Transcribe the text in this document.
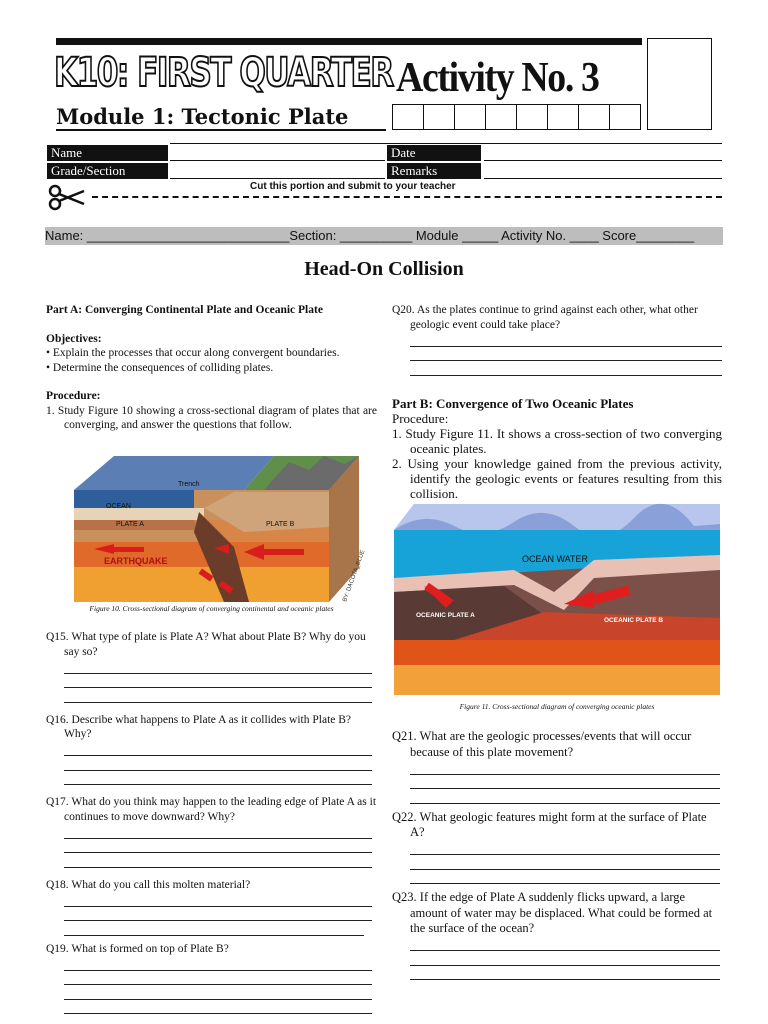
K10: FIRST QUARTER Activity No. 3
Module 1: Tectonic Plate
Name	Date
Grade/Section	Remarks
Cut this portion and submit to your teacher
Name: ____________________________Section: __________ Module _____ Activity No. ____ Score________
Head-On Collision
Part A: Converging Continental Plate and Oceanic Plate
Objectives:
• Explain the processes that occur along convergent boundaries.
• Determine the consequences of colliding plates.
Procedure:
1. Study Figure 10 showing a cross-sectional diagram of plates that are converging, and answer the questions that follow.
Trench
OCEAN
PLATE A	PLATE B
EARTHQUAKE	BY: DACOTA_BLUE
Figure 10. Cross-sectional diagram of converging continental and oceanic plates
Q15. What type of plate is Plate A? What about Plate B? Why do you say so?
Q16. Describe what happens to Plate A as it collides with Plate B? Why?
Q17. What do you think may happen to the leading edge of Plate A as it continues to move downward? Why?
Q18. What do you call this molten material?
Q19. What is formed on top of Plate B?
Q20. As the plates continue to grind against each other, what other geologic event could take place?
Part B: Convergence of Two Oceanic Plates
Procedure:
1. Study Figure 11. It shows a cross-section of two converging oceanic plates.
2. Using your knowledge gained from the previous activity, identify the geologic events or features resulting from this collision.
OCEAN WATER
OCEANIC PLATE A
OCEANIC PLATE B
Figure 11. Cross-sectional diagram of converging oceanic plates
Q21. What are the geologic processes/events that will occur because of this plate movement?
Q22. What geologic features might form at the surface of Plate A?
Q23. If the edge of Plate A suddenly flicks upward, a large amount of water may be displaced. What could be formed at the surface of the ocean?
